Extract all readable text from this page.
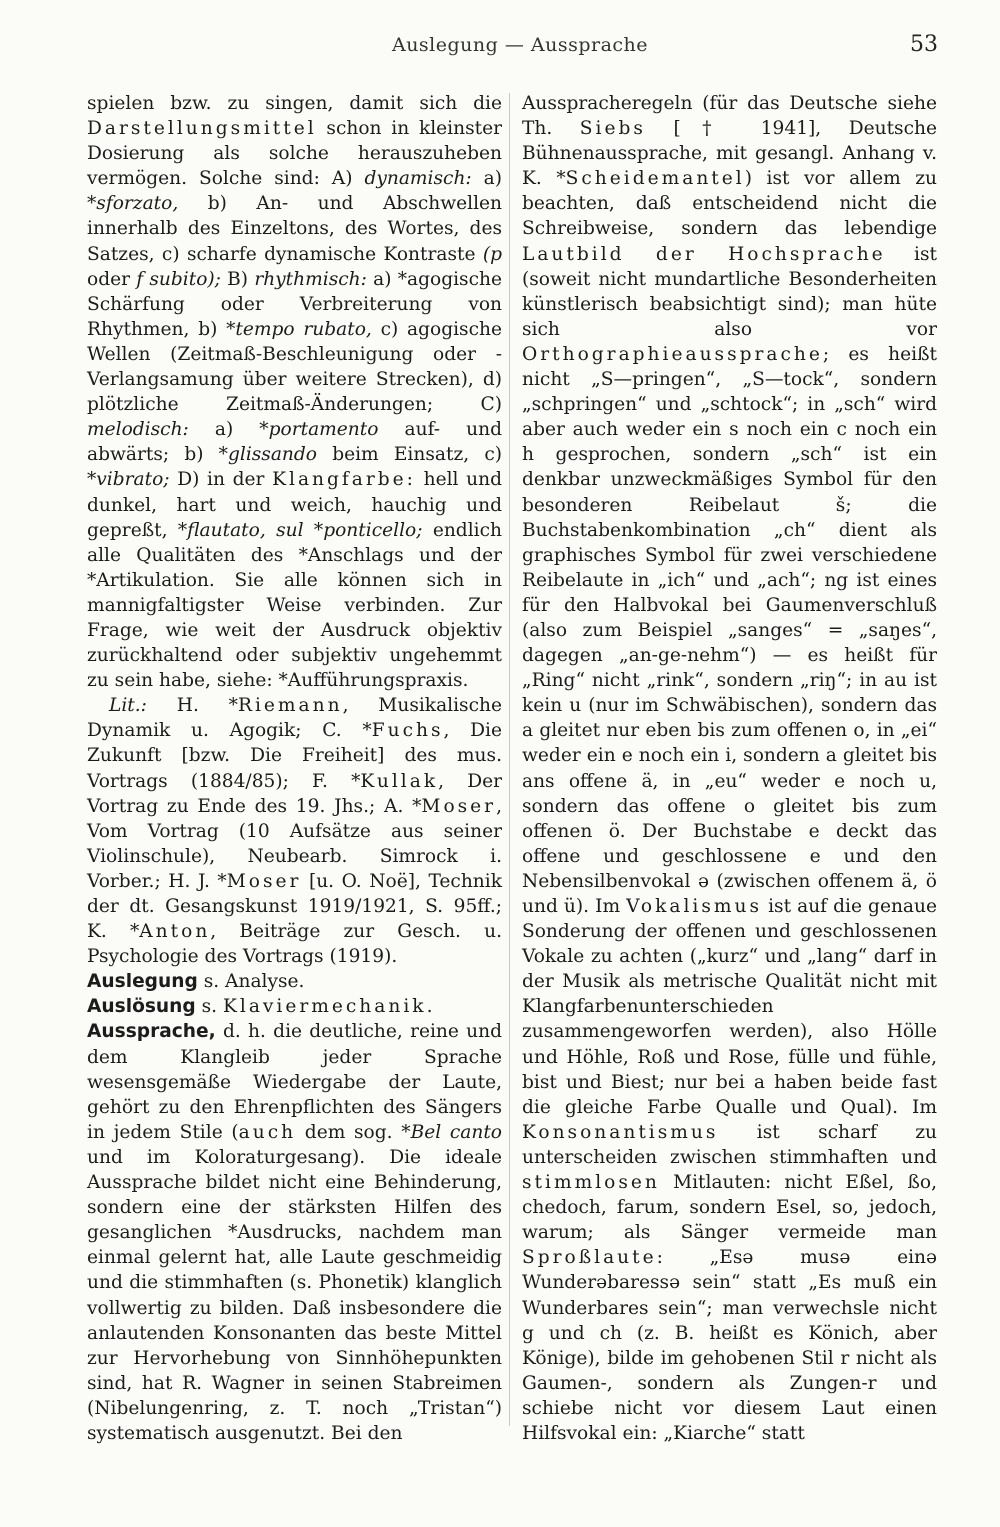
Auslegung — Aussprache	53

spielen bzw. zu singen, damit sich die Darstellungsmittel schon in kleinster Dosierung als solche herauszuheben vermögen. Solche sind: A) dynamisch: a) *sforzato, b) An- und Abschwellen innerhalb des Einzeltons, des Wortes, des Satzes, c) scharfe dynamische Kontraste (p oder f subito); B) rhythmisch: a) *agogische Schärfung oder Verbreiterung von Rhythmen, b) *tempo rubato, c) agogische Wellen (Zeitmaß-Beschleunigung oder -Verlangsamung über weitere Strecken), d) plötzliche Zeitmaß-Änderungen; C) melodisch: a) *portamento auf- und abwärts; b) *glissando beim Einsatz, c) *vibrato; D) in der Klangfarbe: hell und dunkel, hart und weich, hauchig und gepreßt, *flautato, sul *ponticello; endlich alle Qualitäten des *Anschlags und der *Artikulation. Sie alle können sich in mannigfaltigster Weise verbinden. Zur Frage, wie weit der Ausdruck objektiv zurückhaltend oder subjektiv ungehemmt zu sein habe, siehe: *Aufführungspraxis.

Lit.: H. *Riemann, Musikalische Dynamik u. Agogik; C. *Fuchs, Die Zukunft [bzw. Die Freiheit] des mus. Vortrags (1884/85); F. *Kullak, Der Vortrag zu Ende des 19. Jhs.; A. *Moser, Vom Vortrag (10 Aufsätze aus seiner Violinschule), Neubearb. Simrock i. Vorber.; H. J. *Moser [u. O. Noë], Technik der dt. Gesangskunst 1919/1921, S. 95ff.; K. *Anton, Beiträge zur Gesch. u. Psychologie des Vortrags (1919).

Auslegung s. Analyse.

Auslösung s. Klaviermechanik.

Aussprache, d. h. die deutliche, reine und dem Klangleib jeder Sprache wesensgemäße Wiedergabe der Laute, gehört zu den Ehrenpflichten des Sängers in jedem Stile (auch dem sog. *Bel canto und im Koloraturgesang). Die ideale Aussprache bildet nicht eine Behinderung, sondern eine der stärksten Hilfen des gesanglichen *Ausdrucks, nachdem man einmal gelernt hat, alle Laute geschmeidig und die stimmhaften (s. Phonetik) klanglich vollwertig zu bilden. Daß insbesondere die anlautenden Konsonanten das beste Mittel zur Hervorhebung von Sinnhöhepunkten sind, hat R. Wagner in seinen Stabreimen (Nibelungenring, z. T. noch „Tristan“) systematisch ausgenutzt. Bei den

Ausspracheregeln (für das Deutsche siehe Th. Siebs [† 1941], Deutsche Bühnenaussprache, mit gesangl. Anhang v. K. *Scheidemantel) ist vor allem zu beachten, daß entscheidend nicht die Schreibweise, sondern das lebendige Lautbild der Hochsprache ist (soweit nicht mundartliche Besonderheiten künstlerisch beabsichtigt sind); man hüte sich also vor Orthographieaussprache; es heißt nicht „S—pringen“, „S—tock“, sondern „schpringen“ und „schtock“; in „sch“ wird aber auch weder ein s noch ein c noch ein h gesprochen, sondern „sch“ ist ein denkbar unzweckmäßiges Symbol für den besonderen Reibelaut š; die Buchstabenkombination „ch“ dient als graphisches Symbol für zwei verschiedene Reibelaute in „ich“ und „ach“; ng ist eines für den Halbvokal bei Gaumenverschluß (also zum Beispiel „sanges“ = „saŋes“, dagegen „an-ge-nehm“) — es heißt für „Ring“ nicht „rink“, sondern „riŋ“; in au ist kein u (nur im Schwäbischen), sondern das a gleitet nur eben bis zum offenen o, in „ei“ weder ein e noch ein i, sondern a gleitet bis ans offene ä, in „eu“ weder e noch u, sondern das offene o gleitet bis zum offenen ö. Der Buchstabe e deckt das offene und geschlossene e und den Nebensilbenvokal ə (zwischen offenem ä, ö und ü). Im Vokalismus ist auf die genaue Sonderung der offenen und geschlossenen Vokale zu achten („kurz“ und „lang“ darf in der Musik als metrische Qualität nicht mit Klangfarbenunterschieden zusammengeworfen werden), also Hölle und Höhle, Roß und Rose, fülle und fühle, bist und Biest; nur bei a haben beide fast die gleiche Farbe Qualle und Qual). Im Konsonantismus ist scharf zu unterscheiden zwischen stimmhaften und stimmlosen Mitlauten: nicht Eßel, ßo, chedoch, farum, sondern Esel, so, jedoch, warum; als Sänger vermeide man Sproßlaute: „Esə musə einə Wunderəbaressə sein“ statt „Es muß ein Wunderbares sein“; man verwechsle nicht g und ch (z. B. heißt es Könich, aber Könige), bilde im gehobenen Stil r nicht als Gaumen-, sondern als Zungen-r und schiebe nicht vor diesem Laut einen Hilfsvokal ein: „Kiarche“ statt
